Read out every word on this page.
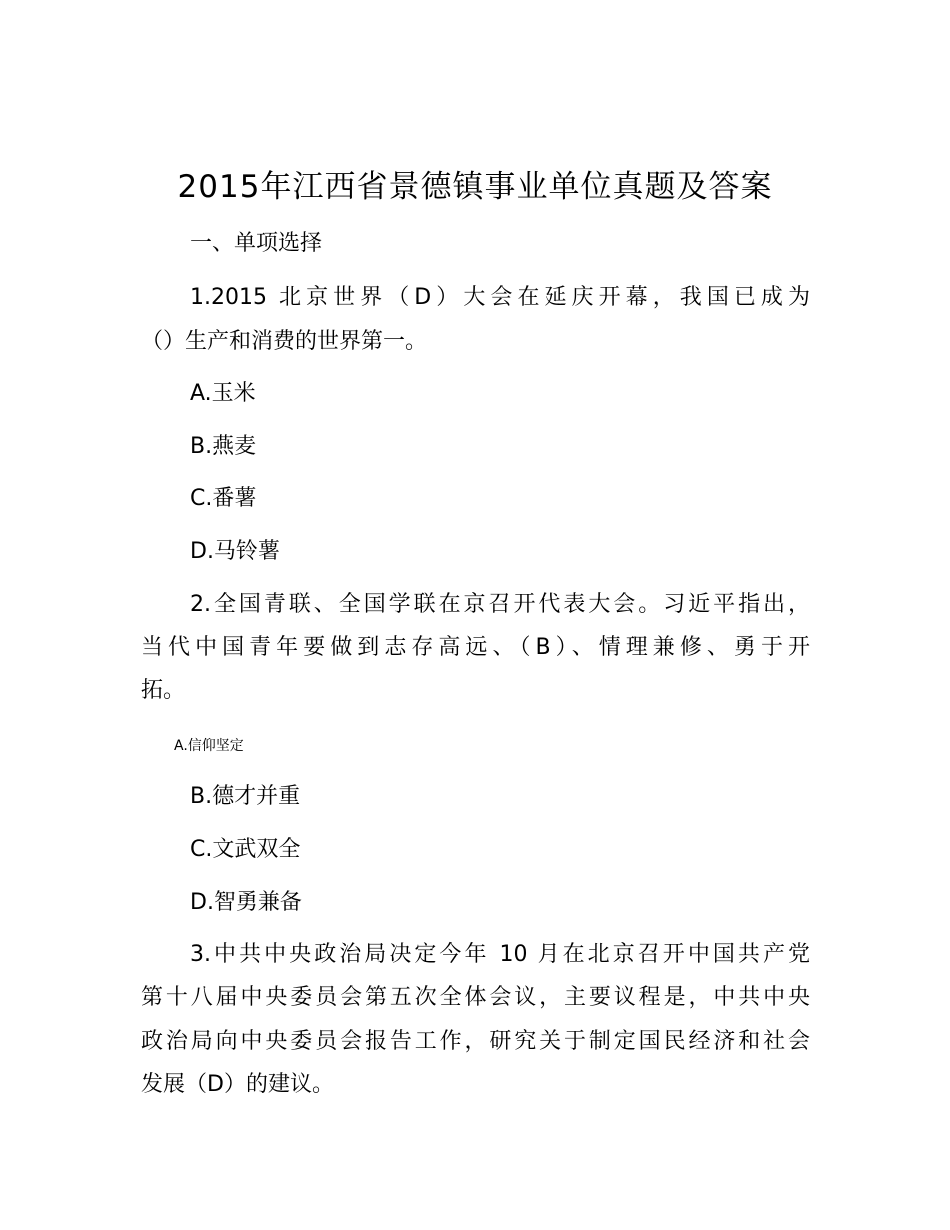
2015年江西省景德镇事业单位真题及答案
一、单项选择
1.2015 北京世界（D）大会在延庆开幕，我国已成为
（）生产和消费的世界第一。
A.玉米
B.燕麦
C.番薯
D.马铃薯
2.全国青联、全国学联在京召开代表大会。习近平指出，
当代中国青年要做到志存高远、（B）、情理兼修、勇于开
拓。
A.信仰坚定
B.德才并重
C.文武双全
D.智勇兼备
3.中共中央政治局决定今年 10 月在北京召开中国共产党
第十八届中央委员会第五次全体会议，主要议程是，中共中央
政治局向中央委员会报告工作，研究关于制定国民经济和社会
发展（D）的建议。
